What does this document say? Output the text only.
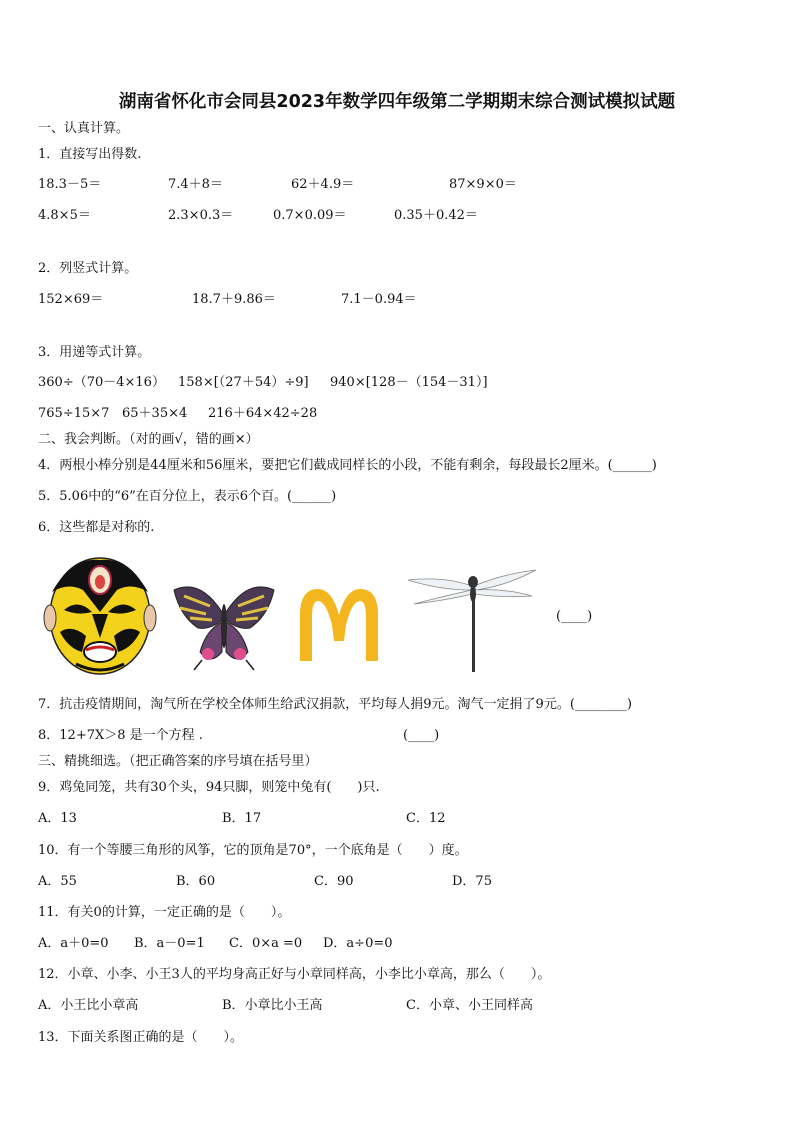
湖南省怀化市会同县2023年数学四年级第二学期期末综合测试模拟试题
一、认真计算。
1．直接写出得数.
18.3－5＝	7.4＋8＝	62＋4.9＝	87×9×0＝
4.8×5＝	2.3×0.3＝	0.7×0.09＝	0.35＋0.42＝
2．列竖式计算。
152×69＝	18.7＋9.86＝	7.1－0.94＝
3．用递等式计算。
360÷（70－4×16） 158×[（27＋54）÷9] 940×[128－（154－31）]
765÷15×7 65＋35×4 216＋64×42÷28
二、我会判断。（对的画√，错的画×）
4．两根小棒分别是44厘米和56厘米，要把它们截成同样长的小段，不能有剩余，每段最长2厘米。(______)
5．5.06中的“6”在百分位上，表示6个百。(______)
6．这些都是对称的.
(____)
7．抗击疫情期间，淘气所在学校全体师生给武汉捐款，平均每人捐9元。淘气一定捐了9元。(________)
8．12+7X＞8 是一个方程 .	(____)
三、精挑细选。（把正确答案的序号填在括号里）
9．鸡兔同笼，共有30个头，94只脚，则笼中兔有(　　)只.
A．13	B．17	C．12
10．有一个等腰三角形的风筝，它的顶角是70°，一个底角是（　　）度。
A．55	B．60	C．90	D．75
11．有关0的计算，一定正确的是（　　）。
A．a＋0=0 B．a－0=1 C．0×a =0 D．a÷0=0
12．小章、小李、小王3人的平均身高正好与小章同样高，小李比小章高，那么（　　）。
A．小王比小章高	B．小章比小王高	C．小章、小王同样高
13．下面关系图正确的是（　　）。
